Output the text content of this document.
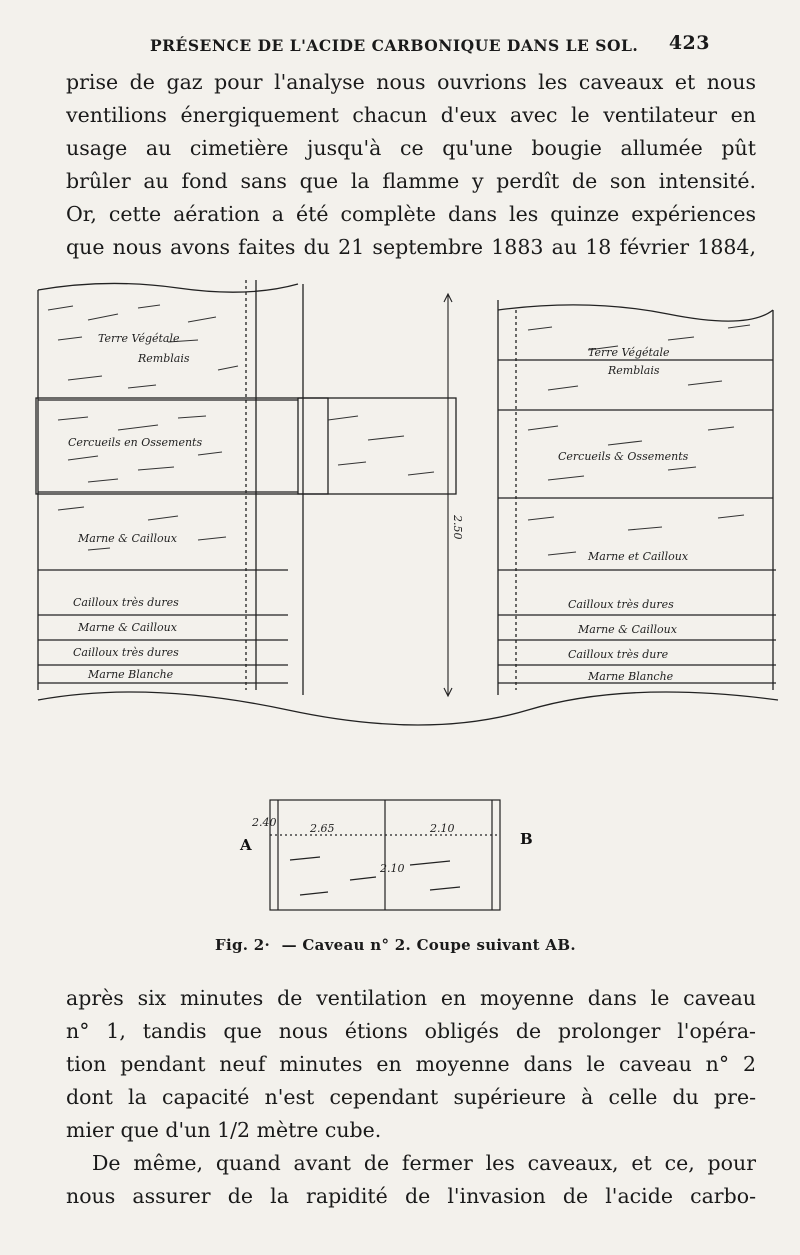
PRÉSENCE DE L'ACIDE CARBONIQUE DANS LE SOL. 423
prise de gaz pour l'analyse nous ouvrions les caveaux et nous
ventilions énergiquement chacun d'eux avec le ventilateur en
usage au cimetière jusqu'à ce qu'une bougie allumée pût
brûler au fond sans que la flamme y perdît de son intensité.
Or, cette aération a été complète dans les quinze expériences
que nous avons faites du 21 septembre 1883 au 18 février 1884,
2.50
Terre Végétale
Remblais
Cercueils en Ossements
Marne & Cailloux
Cailloux très dures
Marne & Cailloux
Cailloux très dures
Marne Blanche
Terre Végétale
Remblais
Cercueils & Ossements
Marne et Cailloux
Cailloux très dures
Marne & Cailloux
Cailloux très dure
Marne Blanche
A	B
2.65
2.10
2.10
2.40
Fig. 2· — Caveau n° 2. Coupe suivant AB.
après six minutes de ventilation en moyenne dans le caveau
n° 1, tandis que nous étions obligés de prolonger l'opéra-
tion pendant neuf minutes en moyenne dans le caveau n° 2
dont la capacité n'est cependant supérieure à celle du pre-
mier que d'un 1/2 mètre cube.
De même, quand avant de fermer les caveaux, et ce, pour
nous assurer de la rapidité de l'invasion de l'acide carbo-
